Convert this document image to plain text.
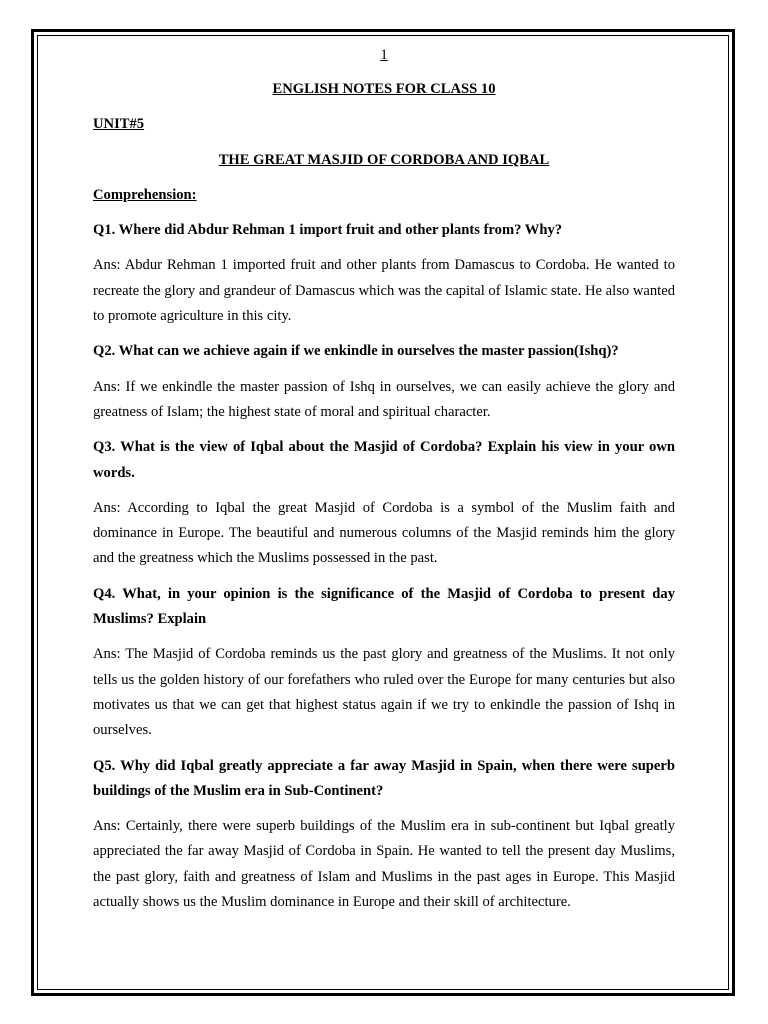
1

ENGLISH NOTES FOR CLASS 10

UNIT#5

THE GREAT MASJID OF CORDOBA AND IQBAL

Comprehension:

Q1. Where did Abdur Rehman 1 import fruit and other plants from? Why?

Ans: Abdur Rehman 1 imported fruit and other plants from Damascus to Cordoba. He wanted to recreate the glory and grandeur of Damascus which was the capital of Islamic state. He also wanted to promote agriculture in this city.

Q2. What can we achieve again if we enkindle in ourselves the master passion(Ishq)?

Ans: If we enkindle the master passion of Ishq in ourselves, we can easily achieve the glory and greatness of Islam; the highest state of moral and spiritual character.

Q3. What is the view of Iqbal about the Masjid of Cordoba? Explain his view in your own words.

Ans: According to Iqbal the great Masjid of Cordoba is a symbol of the Muslim faith and dominance in Europe. The beautiful and numerous columns of the Masjid reminds him the glory and the greatness which the Muslims possessed in the past.

Q4. What, in your opinion is the significance of the Masjid of Cordoba to present day Muslims? Explain

Ans: The Masjid of Cordoba reminds us the past glory and greatness of the Muslims. It not only tells us the golden history of our forefathers who ruled over the Europe for many centuries but also motivates us that we can get that highest status again if we try to enkindle the passion of Ishq in ourselves.

Q5. Why did Iqbal greatly appreciate a far away Masjid in Spain, when there were superb buildings of the Muslim era in Sub-Continent?

Ans: Certainly, there were superb buildings of the Muslim era in sub-continent but Iqbal greatly appreciated the far away Masjid of Cordoba in Spain. He wanted to tell the present day Muslims, the past glory, faith and greatness of Islam and Muslims in the past ages in Europe. This Masjid actually shows us the Muslim dominance in Europe and their skill of architecture.
